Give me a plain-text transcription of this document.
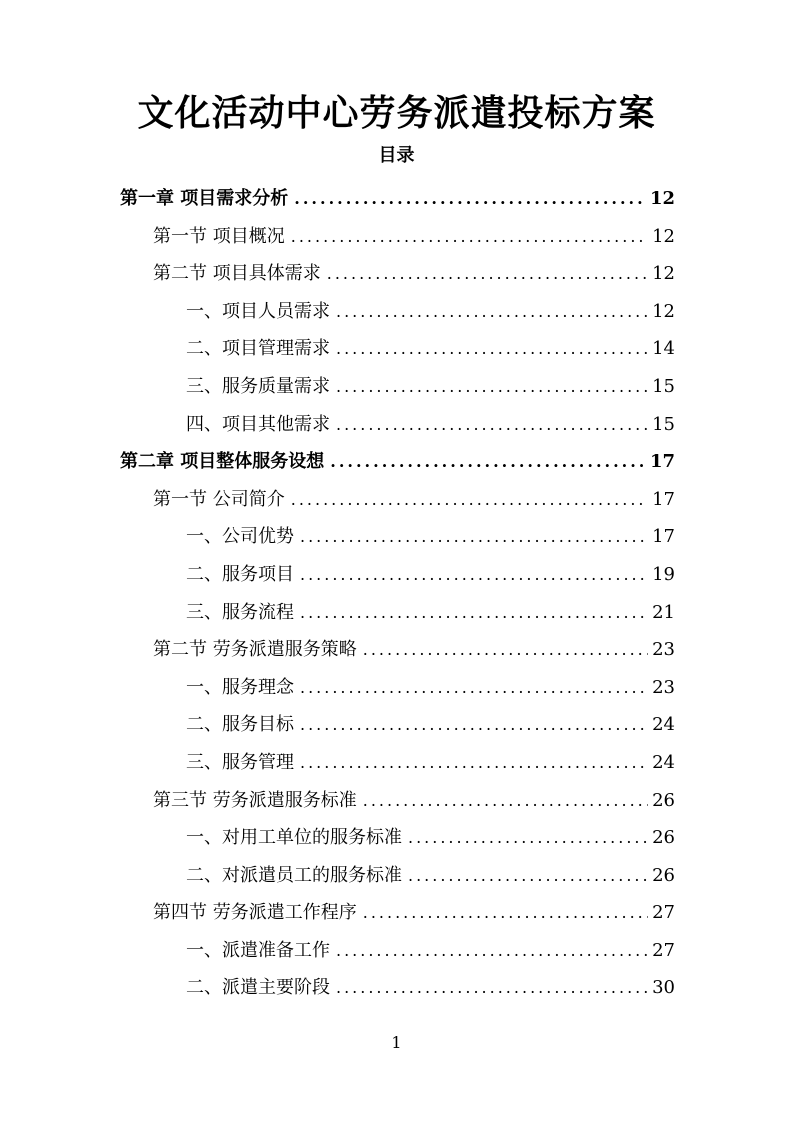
文化活动中心劳务派遣投标方案
目录
第一章 项目需求分析 .....	12
第一节 项目概况 .....	12
第二节 项目具体需求 .....	12
一、项目人员需求 .....	12
二、项目管理需求 .....	14
三、服务质量需求 .....	15
四、项目其他需求 .....	15
第二章 项目整体服务设想 .....	17
第一节 公司简介 .....	17
一、公司优势 .....	17
二、服务项目 .....	19
三、服务流程 .....	21
第二节 劳务派遣服务策略 .....	23
一、服务理念 .....	23
二、服务目标 .....	24
三、服务管理 .....	24
第三节 劳务派遣服务标准 .....	26
一、对用工单位的服务标准 .....	26
二、对派遣员工的服务标准 .....	26
第四节 劳务派遣工作程序 .....	27
一、派遣准备工作 .....	27
二、派遣主要阶段 .....	30
1
